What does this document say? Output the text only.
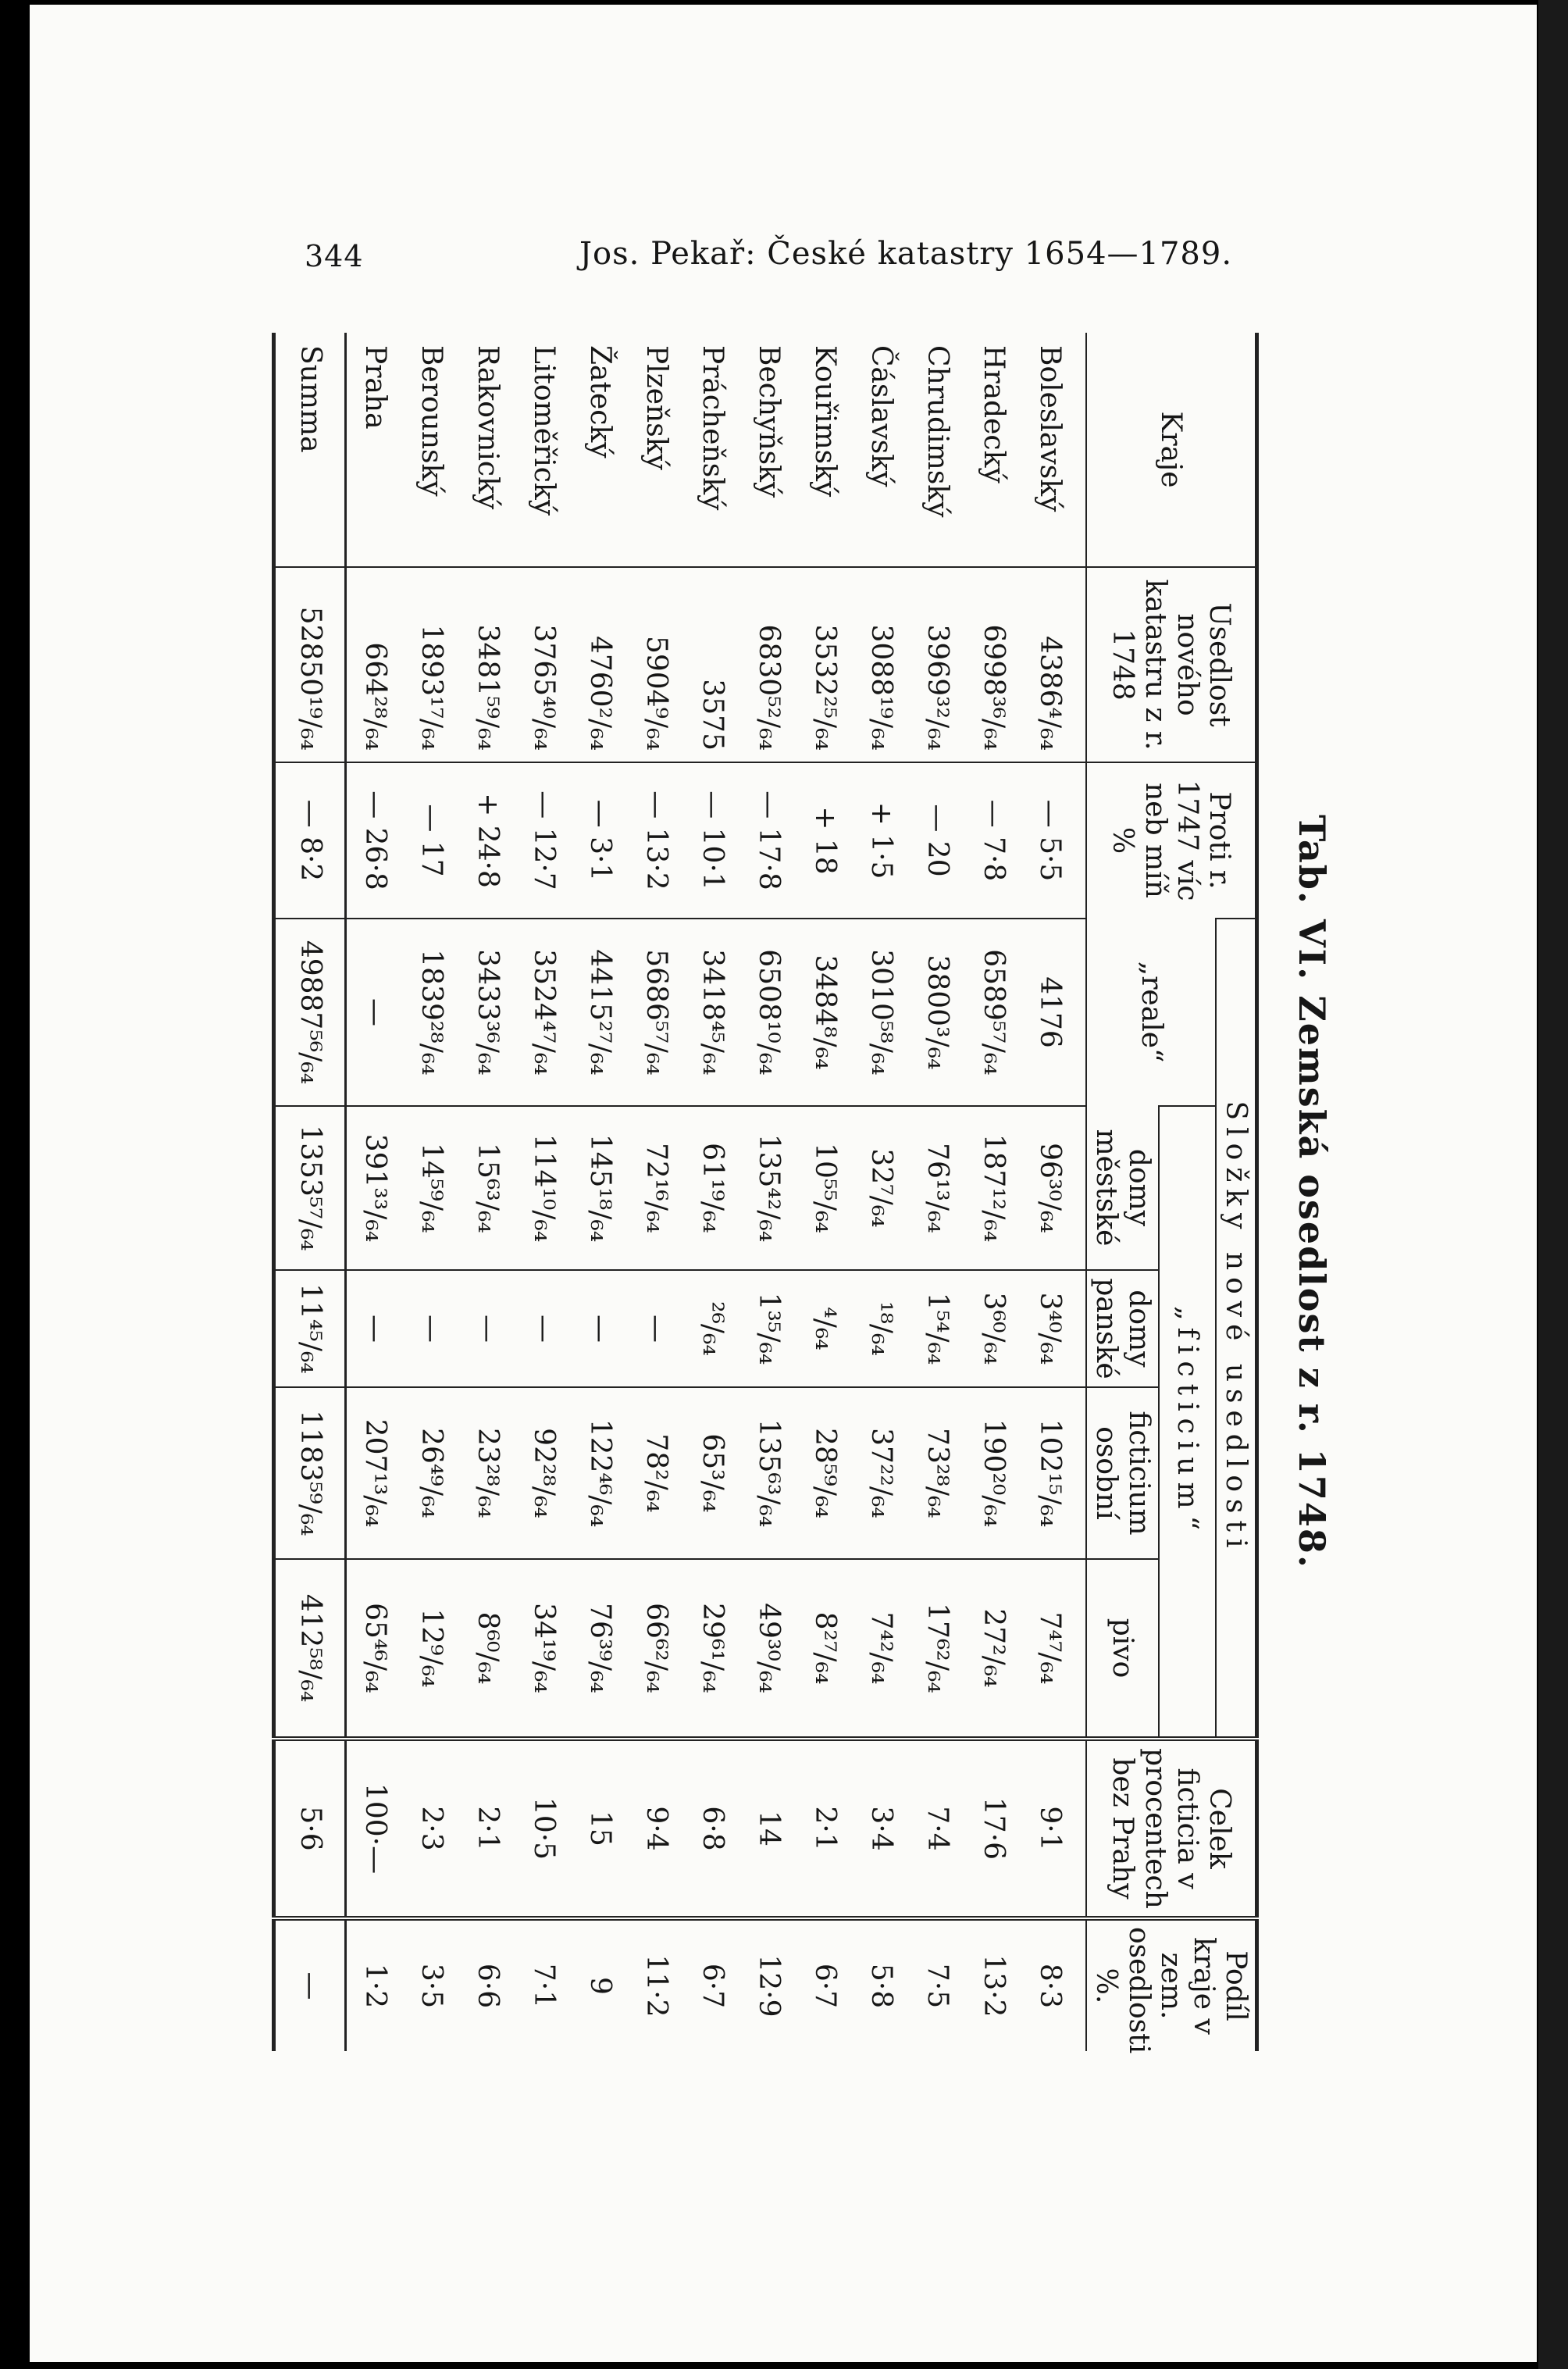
344	Jos. Pekař: České katastry 1654—1789.
Tab. VI. Zemská osedlost z r. 1748.
Kraje	Usedlost nového katastru z r. 1748	Proti r. 1747 víc neb míň %	Složky nové usedlosti					Celek ficticia v procentech bez Prahy	Podíl kraje v zem. osedlosti %.
			„reale“	„ficticium“					
				domy městské	domy panské	ficticium osobní	pivo		
Boleslavský	4386⁴/₆₄	— 5·5	4176	96³⁰/₆₄	3⁴⁰/₆₄	102¹⁵/₆₄	7⁴⁷/₆₄	9·1	8·3
Hradecký	6998³⁶/₆₄	— 7·8	6589⁵⁷/₆₄	187¹²/₆₄	3⁶⁰/₆₄	190²⁰/₆₄	27²/₆₄	17·6	13·2
Chrudimský	3969³²/₆₄	— 20	3800³/₆₄	76¹³/₆₄	1⁵⁴/₆₄	73²⁸/₆₄	17⁶²/₆₄	7·4	7·5
Čáslavský	3088¹⁹/₆₄	+ 1·5	3010⁵⁸/₆₄	32⁷/₆₄	¹⁸/₆₄	37²²/₆₄	7⁴²/₆₄	3·4	5·8
Kouřimský	3532²⁵/₆₄	+ 18	3484⁸/₆₄	10⁵⁵/₆₄	⁴/₆₄	28⁵⁹/₆₄	8²⁷/₆₄	2·1	6·7
Bechyňský	6830⁵²/₆₄	— 17·8	6508¹⁰/₆₄	135⁴²/₆₄	1³⁵/₆₄	135⁶³/₆₄	49³⁰/₆₄	14	12·9
Prácheňský	3575	— 10·1	3418⁴⁵/₆₄	61¹⁹/₆₄	²⁶/₆₄	65³/₆₄	29⁶¹/₆₄	6·8	6·7
Plzeňský	5904⁹/₆₄	— 13·2	5686⁵⁷/₆₄	72¹⁶/₆₄	—	78²/₆₄	66⁶²/₆₄	9·4	11·2
Žatecký	4760²/₆₄	— 3·1	4415²⁷/₆₄	145¹⁸/₆₄	—	122⁴⁶/₆₄	76³⁹/₆₄	15	9
Litoměřický	3765⁴⁰/₆₄	— 12·7	3524⁴⁷/₆₄	114¹⁰/₆₄	—	92²⁸/₆₄	34¹⁹/₆₄	10·5	7·1
Rakovnický	3481⁵⁹/₆₄	+ 24·8	3433³⁶/₆₄	15⁶³/₆₄	—	23²⁸/₆₄	8⁶⁰/₆₄	2·1	6·6
Berounský	1893¹⁷/₆₄	— 17	1839²⁸/₆₄	14⁵⁹/₆₄	—	26⁴⁹/₆₄	12⁹/₆₄	2·3	3·5
Praha	664²⁸/₆₄	— 26·8	—	391³³/₆₄	—	207¹³/₆₄	65⁴⁶/₆₄	100·—	1·2
Summa	52850¹⁹/₆₄	— 8·2	49887⁵⁶/₆₄	1353⁵⁷/₆₄	11⁴⁵/₆₄	1183⁵⁹/₆₄	412⁵⁸/₆₄	5·6	—
